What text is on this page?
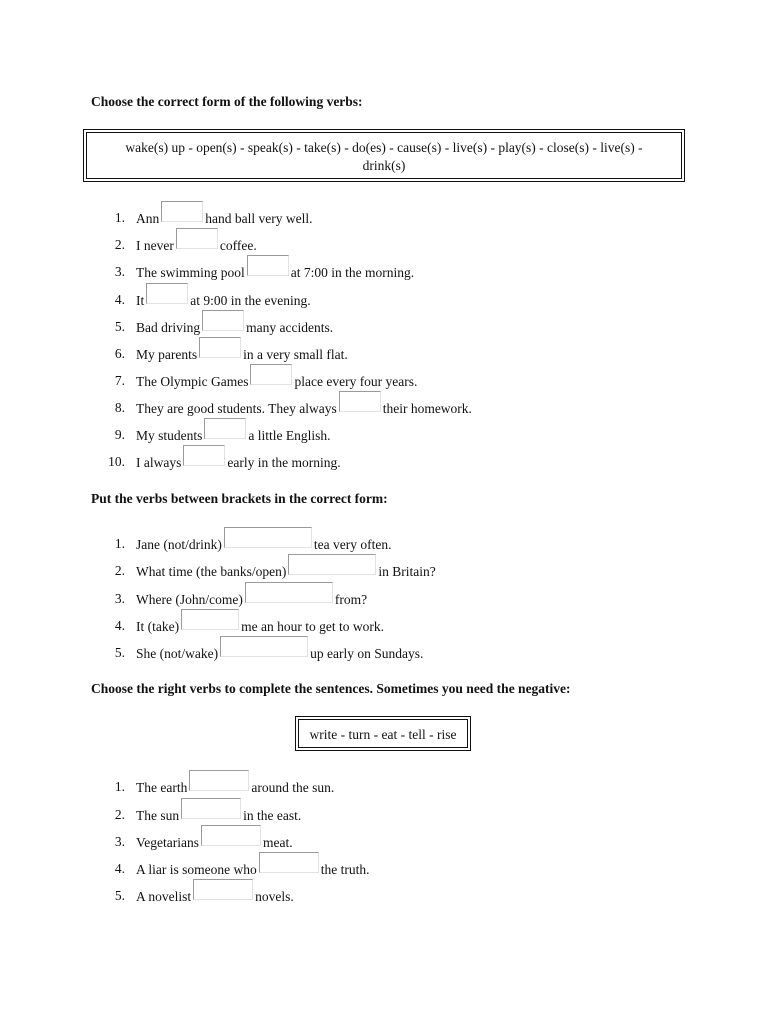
Choose the correct form of the following verbs:
wake(s) up - open(s) - speak(s) - take(s) - do(es) - cause(s) - live(s) - play(s) - close(s) - live(s) -
drink(s)
1. Ann	hand ball very well.
2. I never	coffee.
3. The swimming pool	at 7:00 in the morning.
4. It	at 9:00 in the evening.
5. Bad driving	many accidents.
6. My parents	in a very small flat.
7. The Olympic Games	place every four years.
8. They are good students. They always	their homework.
9. My students	a little English.
10. I always	early in the morning.
Put the verbs between brackets in the correct form:
1. Jane (not/drink)	tea very often.
2. What time (the banks/open)	in Britain?
3. Where (John/come)	from?
4. It (take)	me an hour to get to work.
5. She (not/wake)	up early on Sundays.
Choose the right verbs to complete the sentences. Sometimes you need the negative:
write - turn - eat - tell - rise
1. The earth	around the sun.
2. The sun	in the east.
3. Vegetarians	meat.
4. A liar is someone who	the truth.
5. A novelist	novels.
